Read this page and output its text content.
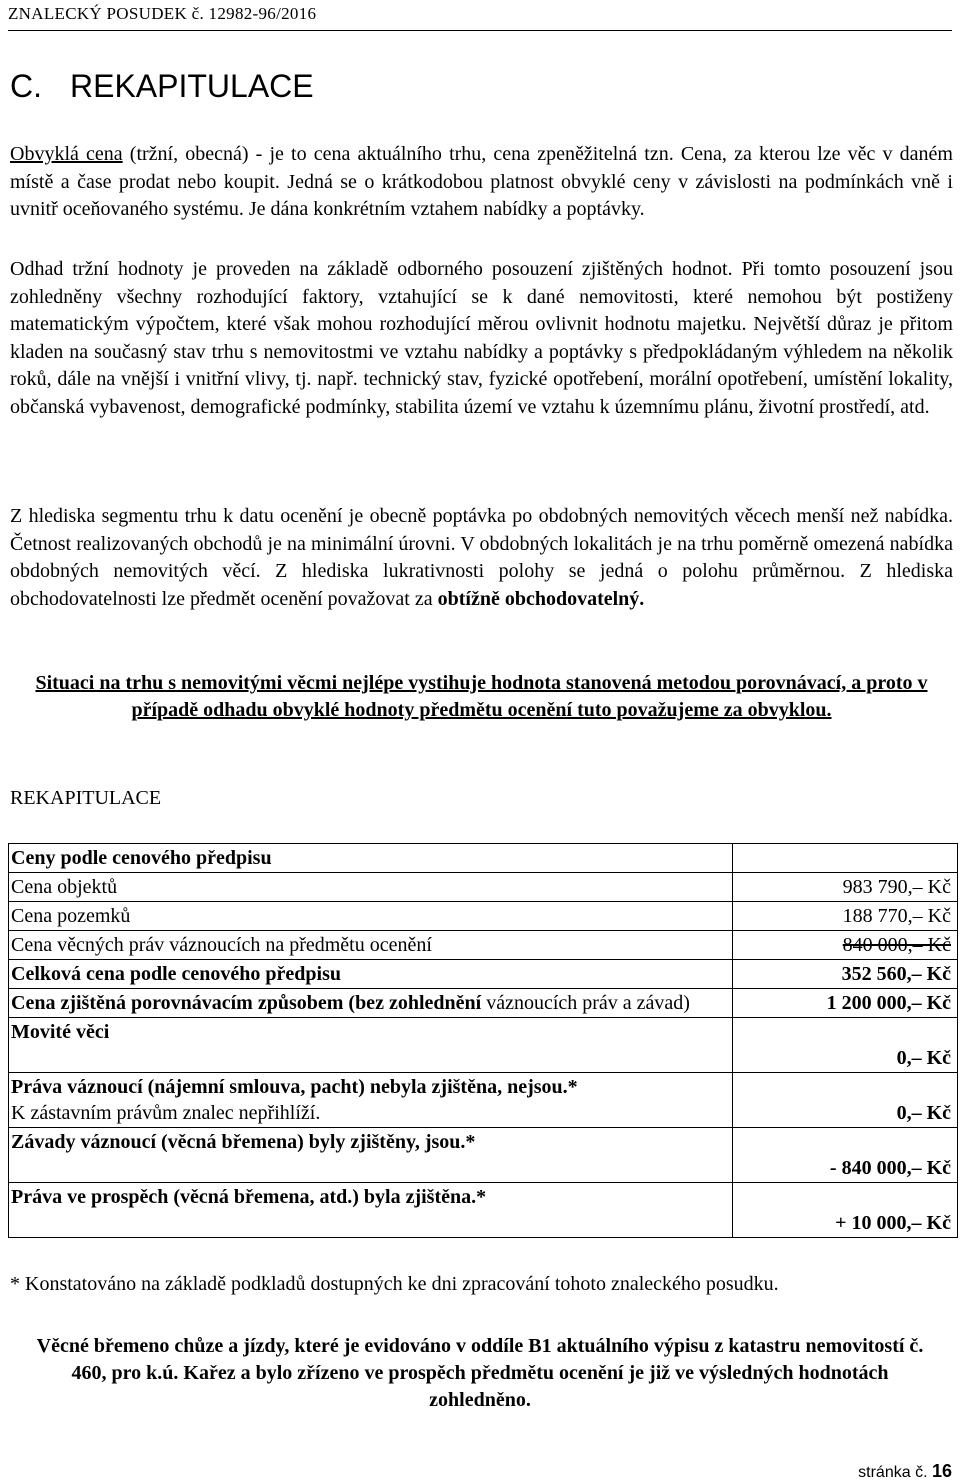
ZNALECKÝ POSUDEK č. 12982-96/2016
C. REKAPITULACE

Obvyklá cena (tržní, obecná) - je to cena aktuálního trhu, cena zpeněžitelná tzn. Cena, za kterou lze věc v daném místě a čase prodat nebo koupit. Jedná se o krátkodobou platnost obvyklé ceny v závislosti na podmínkách vně i uvnitř oceňovaného systému. Je dána konkrétním vztahem nabídky a poptávky.

Odhad tržní hodnoty je proveden na základě odborného posouzení zjištěných hodnot. Při tomto posouzení jsou zohledněny všechny rozhodující faktory, vztahující se k dané nemovitosti, které nemohou být postiženy matematickým výpočtem, které však mohou rozhodující měrou ovlivnit hodnotu majetku. Největší důraz je přitom kladen na současný stav trhu s nemovitostmi ve vztahu nabídky a poptávky s předpokládaným výhledem na několik roků, dále na vnější i vnitřní vlivy, tj. např. technický stav, fyzické opotřebení, morální opotřebení, umístění lokality, občanská vybavenost, demografické podmínky, stabilita území ve vztahu k územnímu plánu, životní prostředí, atd.

Z hlediska segmentu trhu k datu ocenění je obecně poptávka po obdobných nemovitých věcech menší než nabídka. Četnost realizovaných obchodů je na minimální úrovni. V obdobných lokalitách je na trhu poměrně omezená nabídka obdobných nemovitých věcí. Z hlediska lukrativnosti polohy se jedná o polohu průměrnou. Z hlediska obchodovatelnosti lze předmět ocenění považovat za obtížně obchodovatelný.

Situaci na trhu s nemovitými věcmi nejlépe vystihuje hodnota stanovená metodou porovnávací, a proto v případě odhadu obvyklé hodnoty předmětu ocenění tuto považujeme za obvyklou.
REKAPITULACE
Ceny podle cenového předpisu	
Cena objektů	983 790,– Kč
Cena pozemků	188 770,– Kč
Cena věcných práv váznoucích na předmětu ocenění	840 000,– Kč
Celková cena podle cenového předpisu	352 560,– Kč
Cena zjištěná porovnávacím způsobem (bez zohlednění váznoucích práv a závad)	1 200 000,– Kč
Movité věci	0,– Kč

Práva váznoucí (nájemní smlouva, pacht) nebyla zjištěna, nejsou.*
K zástavním právům znalec nepřihlíží.	0,– Kč
Závady váznoucí (věcná břemena) byly zjištěny, jsou.*	- 840 000,– Kč
Práva ve prospěch (věcná břemena, atd.) byla zjištěna.*	+ 10 000,– Kč
* Konstatováno na základě podkladů dostupných ke dni zpracování tohoto znaleckého posudku.
Věcné břemeno chůze a jízdy, které je evidováno v oddíle B1 aktuálního výpisu z katastru nemovitostí č. 460, pro k.ú. Kařez a bylo zřízeno ve prospěch předmětu ocenění je již ve výsledných hodnotách zohledněno.
stránka č. 16
